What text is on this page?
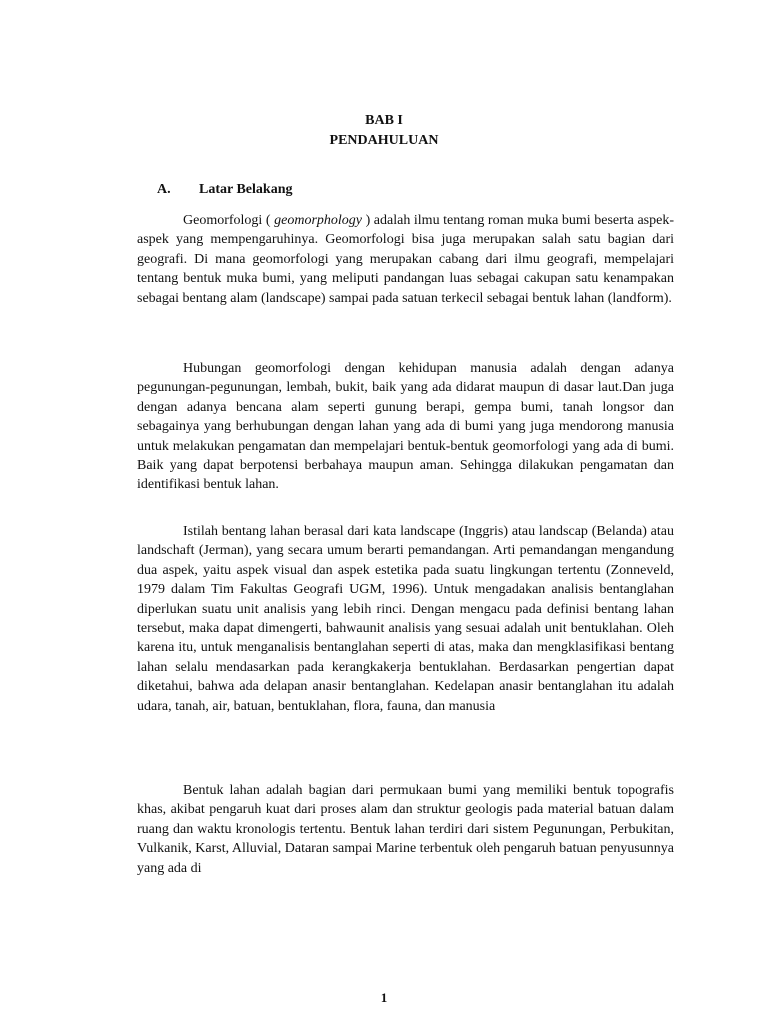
BAB I
PENDAHULUAN
A. Latar Belakang

Geomorfologi ( geomorphology ) adalah ilmu tentang roman muka bumi beserta aspek-aspek yang mempengaruhinya. Geomorfologi bisa juga merupakan salah satu bagian dari geografi. Di mana geomorfologi yang merupakan cabang dari ilmu geografi, mempelajari tentang bentuk muka bumi, yang meliputi pandangan luas sebagai cakupan satu kenampakan sebagai bentang alam (landscape) sampai pada satuan terkecil sebagai bentuk lahan (landform).

Hubungan geomorfologi dengan kehidupan manusia adalah dengan adanya pegunungan-pegunungan, lembah, bukit, baik yang ada didarat maupun di dasar laut.Dan juga dengan adanya bencana alam seperti gunung berapi, gempa bumi, tanah longsor dan sebagainya yang berhubungan dengan lahan yang ada di bumi yang juga mendorong manusia untuk melakukan pengamatan dan mempelajari bentuk-bentuk geomorfologi yang ada di bumi. Baik yang dapat berpotensi berbahaya maupun aman. Sehingga dilakukan pengamatan dan identifikasi bentuk lahan.

Istilah bentang lahan berasal dari kata landscape (Inggris) atau landscap (Belanda) atau landschaft (Jerman), yang secara umum berarti pemandangan. Arti pemandangan mengandung dua aspek, yaitu aspek visual dan aspek estetika pada suatu lingkungan tertentu (Zonneveld, 1979 dalam Tim Fakultas Geografi UGM, 1996). Untuk mengadakan analisis bentanglahan diperlukan suatu unit analisis yang lebih rinci. Dengan mengacu pada definisi bentang lahan tersebut, maka dapat dimengerti, bahwaunit analisis yang sesuai adalah unit bentuklahan. Oleh karena itu, untuk menganalisis bentanglahan seperti di atas, maka dan mengklasifikasi bentang lahan selalu mendasarkan pada kerangkakerja bentuklahan. Berdasarkan pengertian dapat diketahui, bahwa ada delapan anasir bentanglahan. Kedelapan anasir bentanglahan itu adalah udara, tanah, air, batuan, bentuklahan, flora, fauna, dan manusia

Bentuk lahan adalah bagian dari permukaan bumi yang memiliki bentuk topografis khas, akibat pengaruh kuat dari proses alam dan struktur geologis pada material batuan dalam ruang dan waktu kronologis tertentu. Bentuk lahan terdiri dari sistem Pegunungan, Perbukitan, Vulkanik, Karst, Alluvial, Dataran sampai Marine terbentuk oleh pengaruh batuan penyusunnya yang ada di

1
